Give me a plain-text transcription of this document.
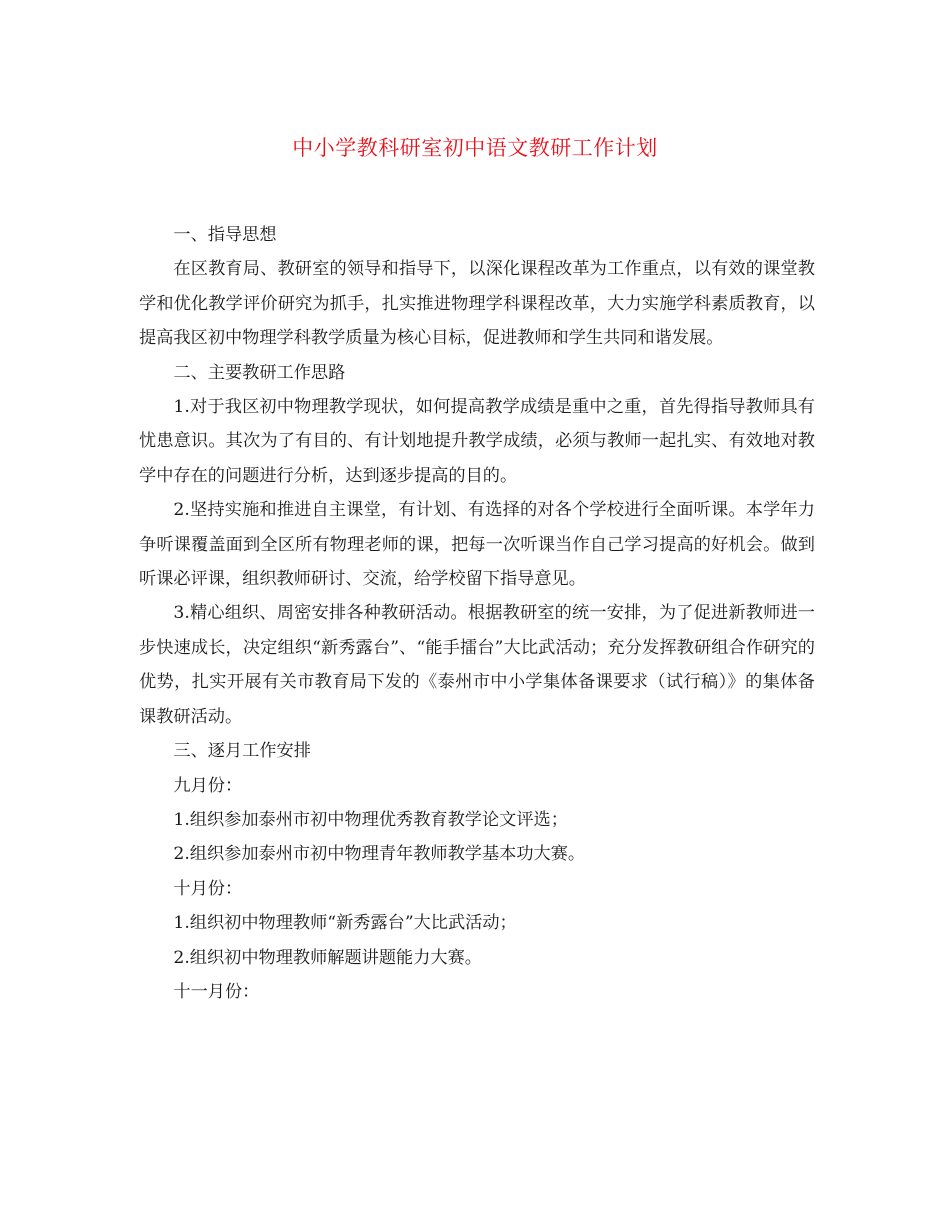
中小学教科研室初中语文教研工作计划

一、指导思想

在区教育局、教研室的领导和指导下，以深化课程改革为工作重点，以有效的课堂教学和优化教学评价研究为抓手，扎实推进物理学科课程改革，大力实施学科素质教育，以提高我区初中物理学科教学质量为核心目标，促进教师和学生共同和谐发展。

二、主要教研工作思路

1.对于我区初中物理教学现状，如何提高教学成绩是重中之重，首先得指导教师具有忧患意识。其次为了有目的、有计划地提升教学成绩，必须与教师一起扎实、有效地对教学中存在的问题进行分析，达到逐步提高的目的。

2.坚持实施和推进自主课堂，有计划、有选择的对各个学校进行全面听课。本学年力争听课覆盖面到全区所有物理老师的课，把每一次听课当作自己学习提高的好机会。做到听课必评课，组织教师研讨、交流，给学校留下指导意见。

3.精心组织、周密安排各种教研活动。根据教研室的统一安排，为了促进新教师进一步快速成长，决定组织“新秀露台”、“能手擂台”大比武活动；充分发挥教研组合作研究的优势，扎实开展有关市教育局下发的《泰州市中小学集体备课要求（试行稿）》的集体备课教研活动。

三、逐月工作安排

九月份：

1.组织参加泰州市初中物理优秀教育教学论文评选；

2.组织参加泰州市初中物理青年教师教学基本功大赛。

十月份：

1.组织初中物理教师“新秀露台”大比武活动；

2.组织初中物理教师解题讲题能力大赛。

十一月份：
